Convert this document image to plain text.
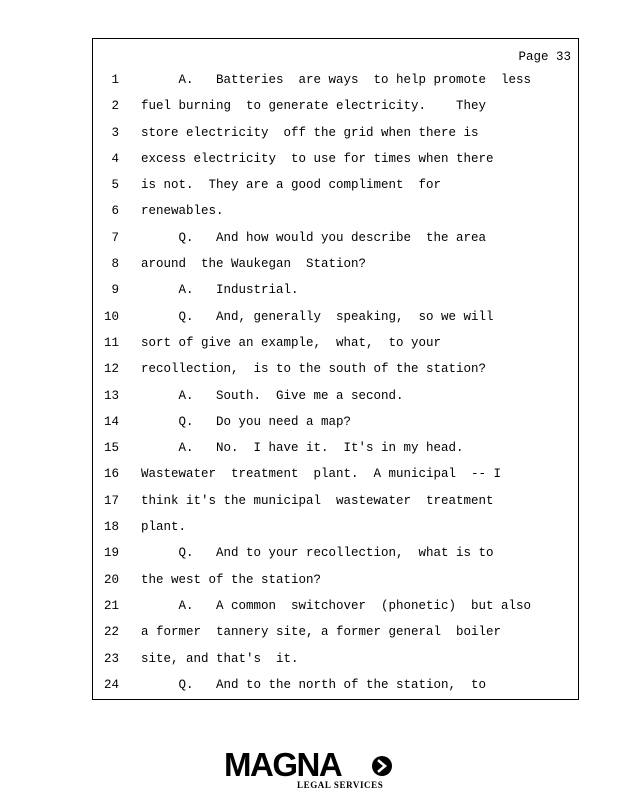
Page 33
1 A.   Batteries  are ways  to help promote  less
2 fuel burning  to generate electricity.    They
3 store electricity  off the grid when there is
4 excess electricity  to use for times when there
5 is not.  They are a good compliment  for
6 renewables.
7 Q.   And how would you describe  the area
8 around  the Waukegan  Station?
9 A.   Industrial.
10 Q.   And, generally  speaking,  so we will
11 sort of give an example,  what,  to your
12 recollection,  is to the south of the station?
13 A.   South.  Give me a second.
14 Q.   Do you need a map?
15 A.   No.  I have it.  It's in my head.
16 Wastewater  treatment  plant.  A municipal  -- I
17 think it's the municipal  wastewater  treatment
18 plant.
19 Q.   And to your recollection,  what is to
20 the west of the station?
21 A.   A common  switchover  (phonetic)  but also
22 a former  tannery site, a former general  boiler
23 site, and that's  it.
24 Q.   And to the north of the station,  to
MAGNA
LEGAL SERVICES
